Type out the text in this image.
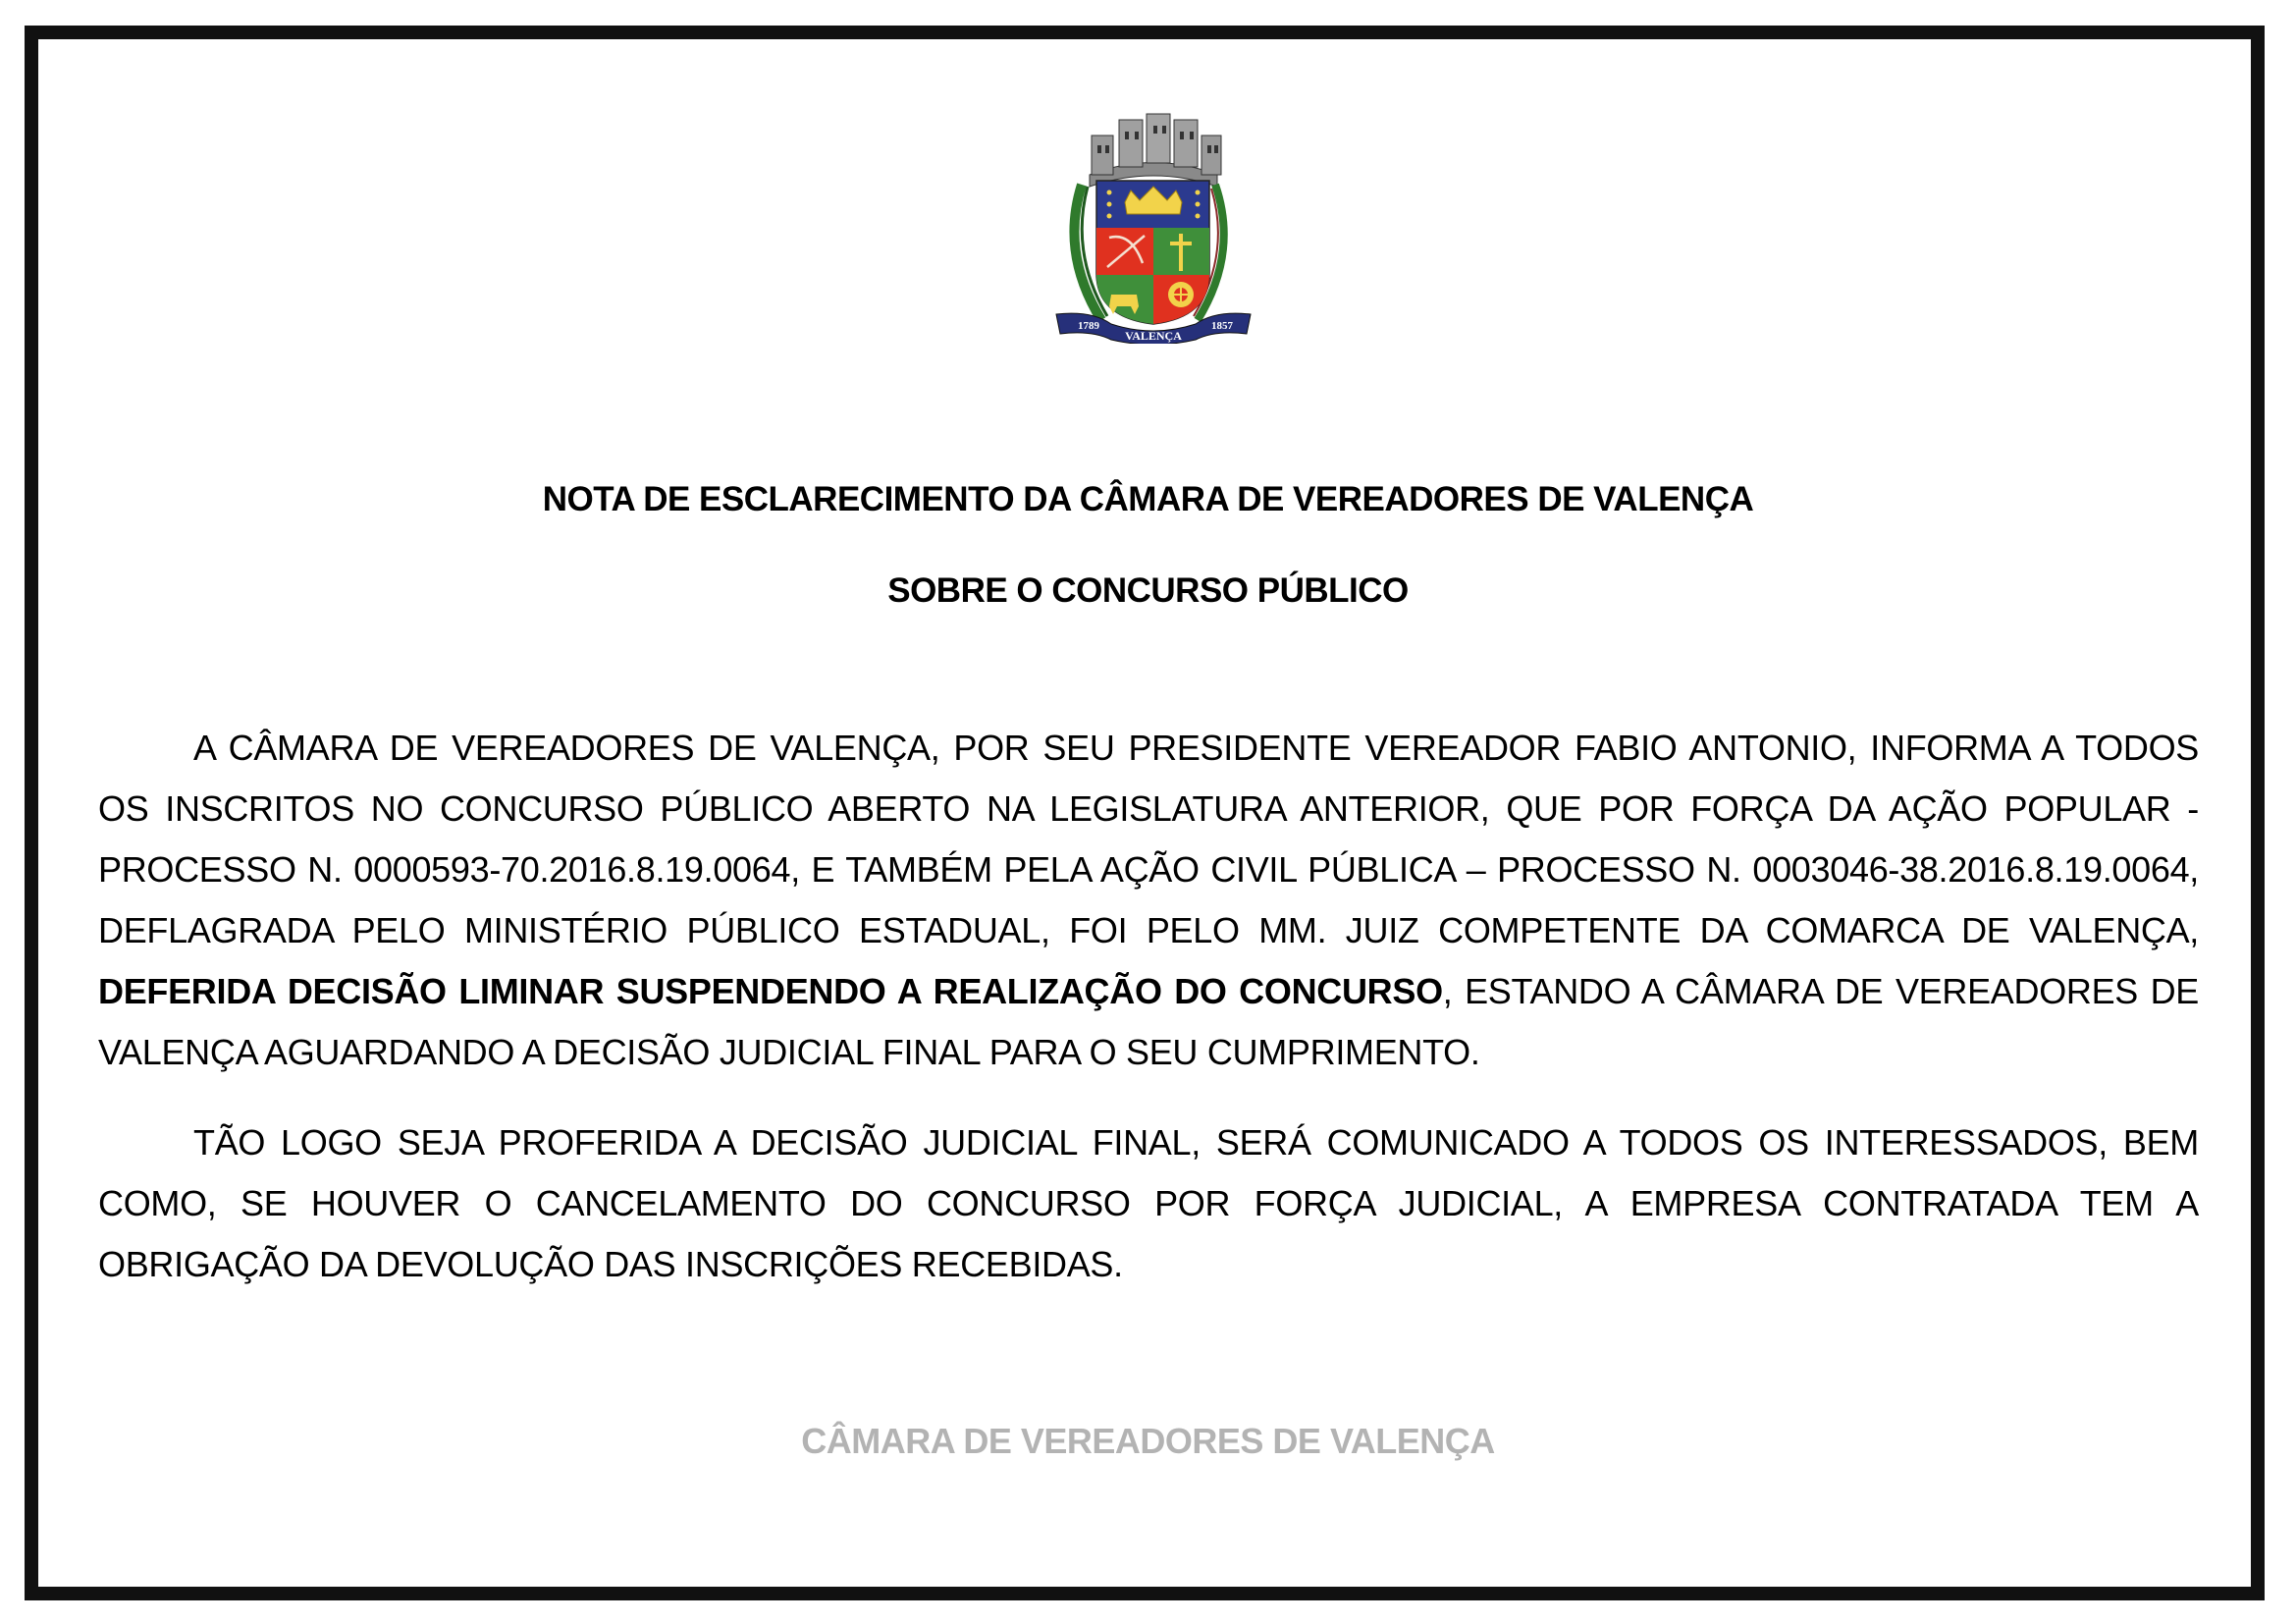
1789
VALENÇA
1857
NOTA DE ESCLARECIMENTO DA CÂMARA DE VEREADORES DE VALENÇA
SOBRE O CONCURSO PÚBLICO

A CÂMARA DE VEREADORES DE VALENÇA, POR SEU PRESIDENTE VEREADOR FABIO ANTONIO, INFORMA A TODOS OS INSCRITOS NO CONCURSO PÚBLICO ABERTO NA LEGISLATURA ANTERIOR, QUE POR FORÇA DA AÇÃO POPULAR - PROCESSO N. 0000593-70.2016.8.19.0064, E TAMBÉM PELA AÇÃO CIVIL PÚBLICA – PROCESSO N. 0003046-38.2016.8.19.0064, DEFLAGRADA PELO MINISTÉRIO PÚBLICO ESTADUAL, FOI PELO MM. JUIZ COMPETENTE DA COMARCA DE VALENÇA, DEFERIDA DECISÃO LIMINAR SUSPENDENDO A REALIZAÇÃO DO CONCURSO, ESTANDO A CÂMARA DE VEREADORES DE VALENÇA AGUARDANDO A DECISÃO JUDICIAL FINAL PARA O SEU CUMPRIMENTO.

TÃO LOGO SEJA PROFERIDA A DECISÃO JUDICIAL FINAL, SERÁ COMUNICADO A TODOS OS INTERESSADOS, BEM COMO, SE HOUVER O CANCELAMENTO DO CONCURSO POR FORÇA JUDICIAL, A EMPRESA CONTRATADA TEM A OBRIGAÇÃO DA DEVOLUÇÃO DAS INSCRIÇÕES RECEBIDAS.

CÂMARA DE VEREADORES DE VALENÇA
